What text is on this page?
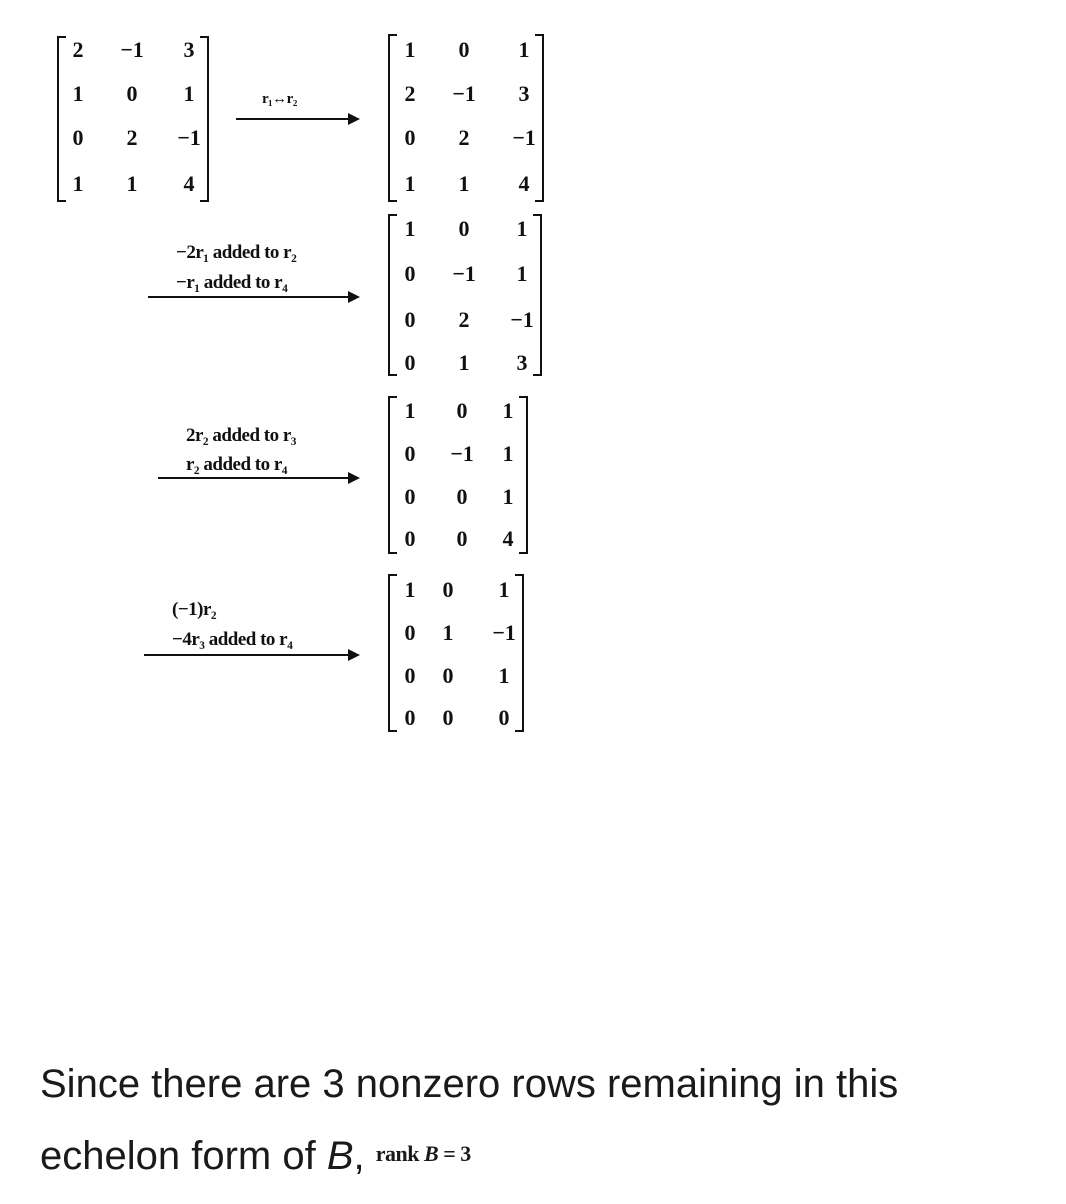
2	−1	3
1	0	1
0	2	−1
1	1	4
r₁↔r₂
1	0	1
2	−1	3
0	2	−1
1	1	4
−2r₁ added to r₂
−r₁ added to r₄
1	0	1
0	−1	1
0	2	−1
0	1	3
2r₂ added to r₃
r₂ added to r₄
1	0	1
0	−1	1
0	0	1
0	0	4
(−1)r₂
−4r₃ added to r₄
1	0	1
0	1	−1
0	0	1
0	0	0
Since there are 3 nonzero rows remaining in this
echelon form of B, $^{rank B = 3}$
